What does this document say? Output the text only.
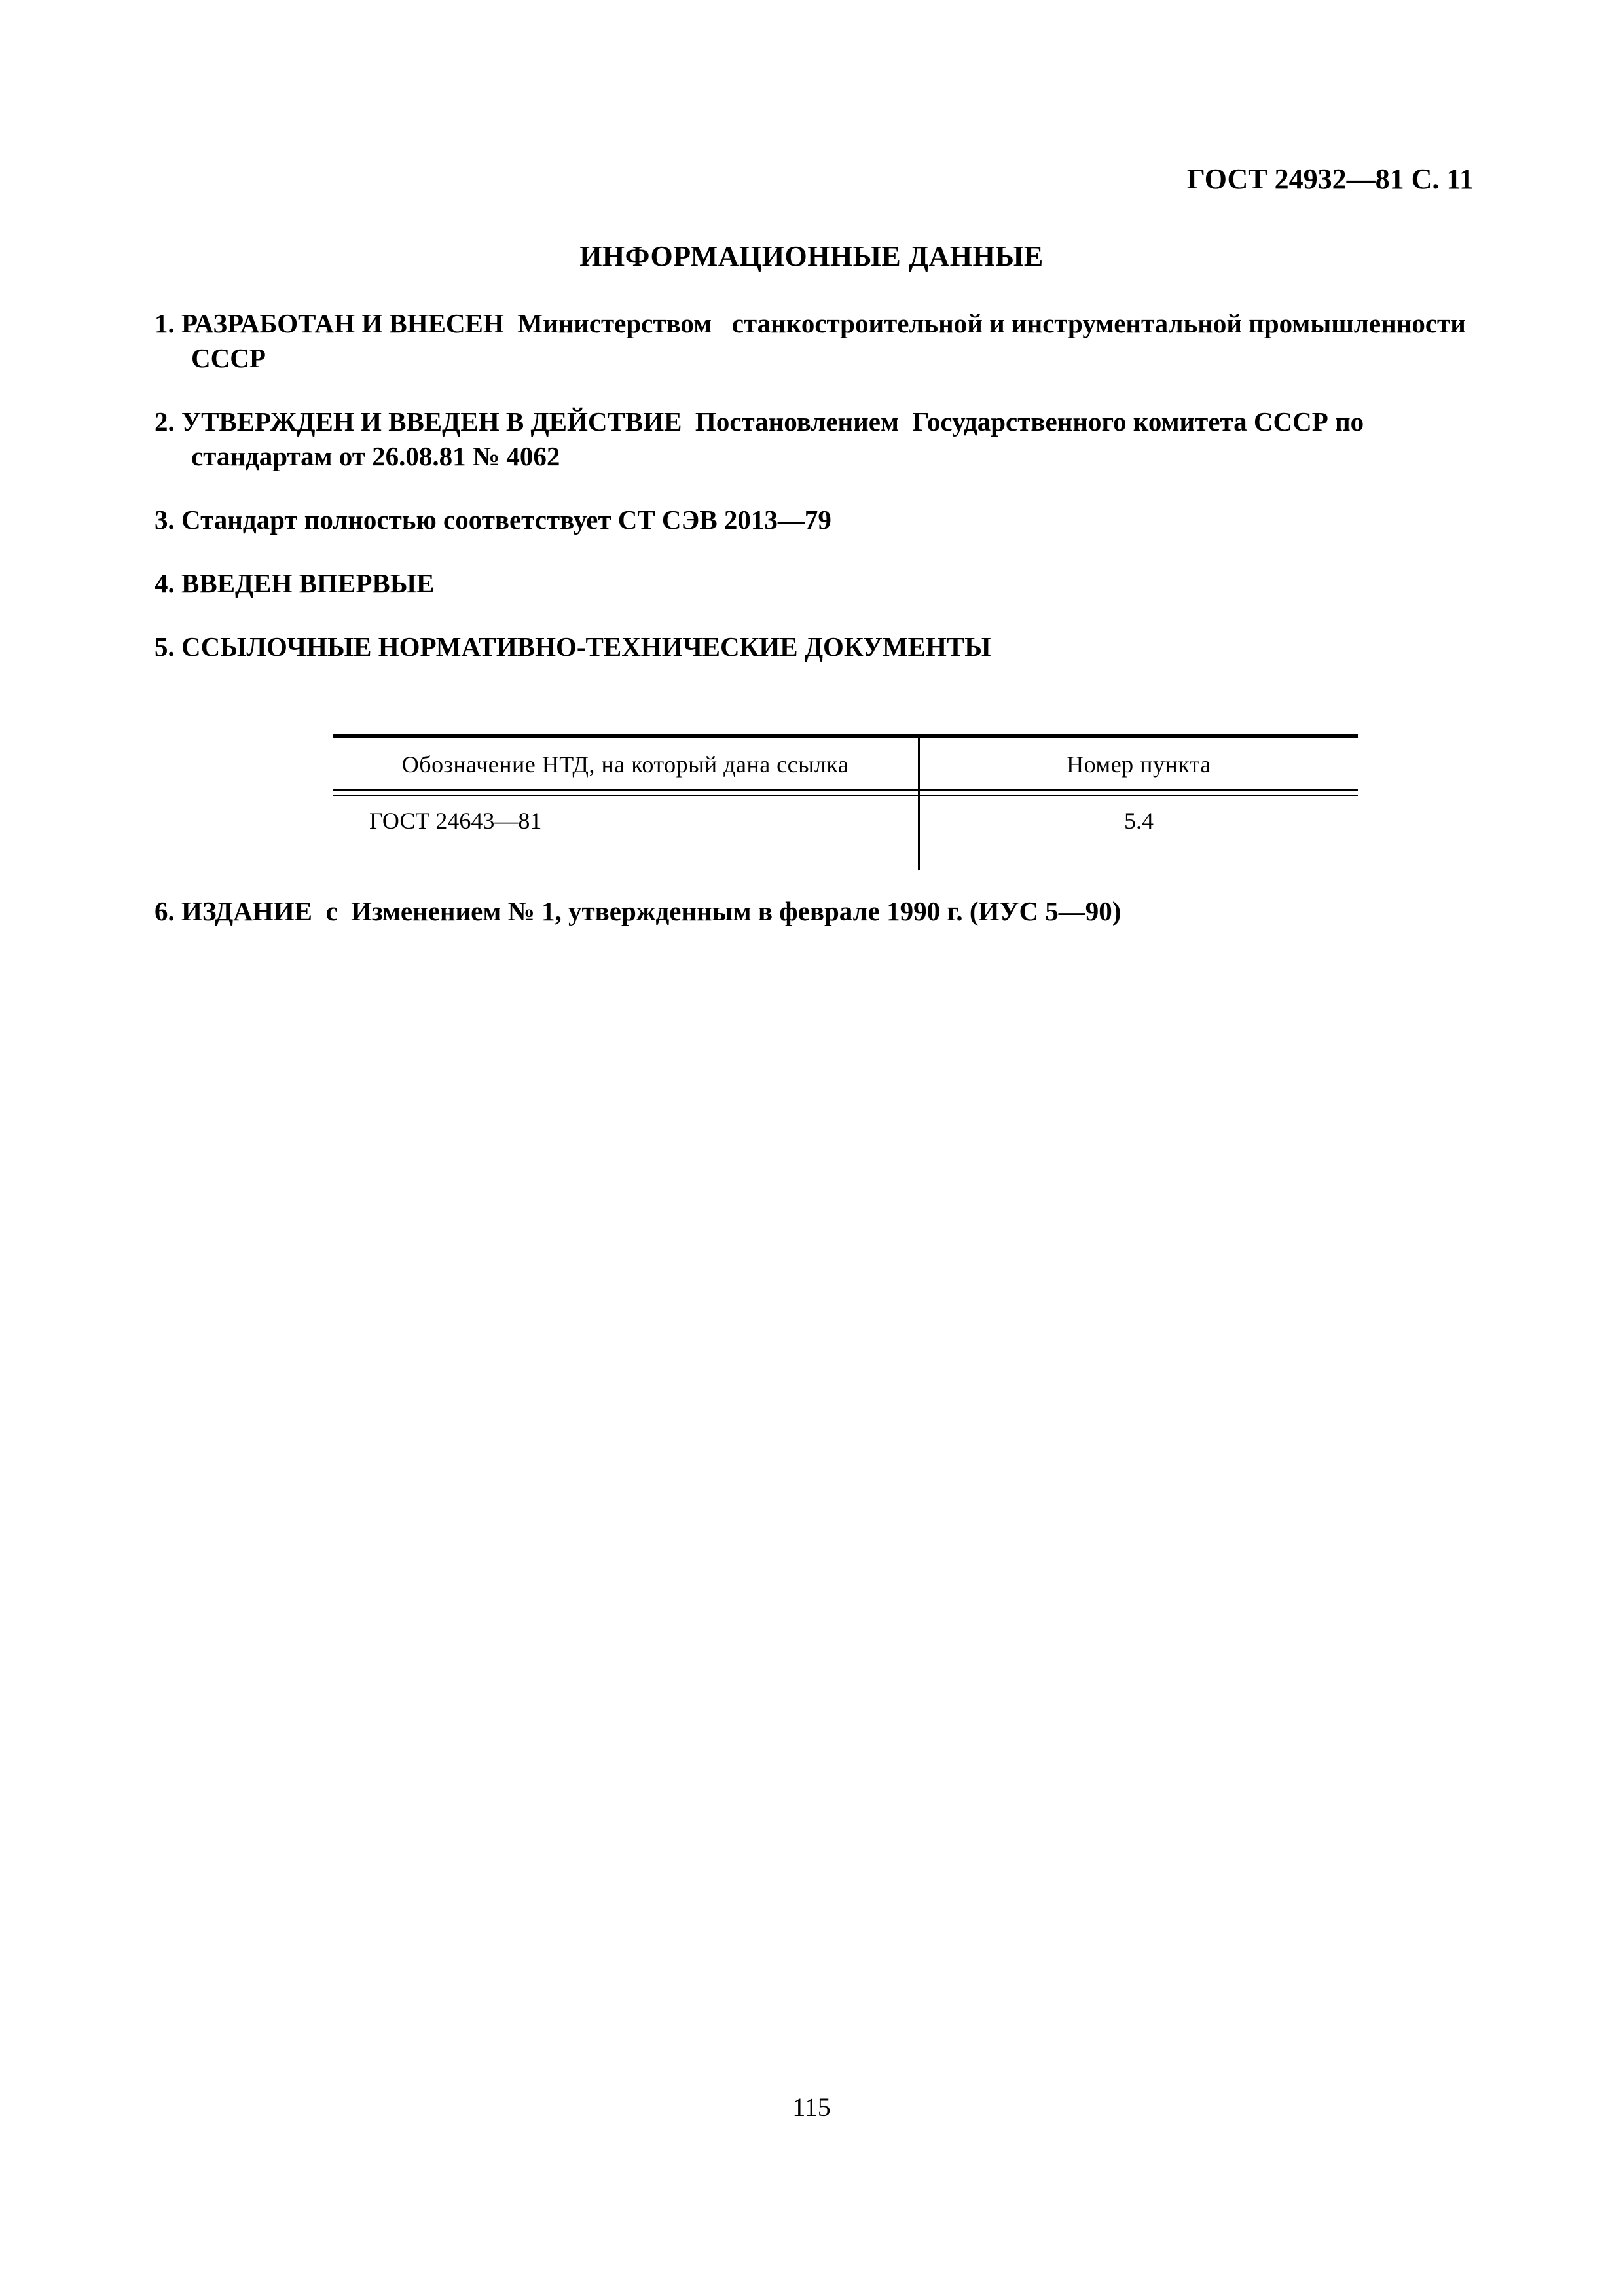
ГОСТ 24932—81 С. 11
ИНФОРМАЦИОННЫЕ ДАННЫЕ
1. РАЗРАБОТАН И ВНЕСЕН  Министерством   станкостроительной и инструментальной промышленности СССР
2. УТВЕРЖДЕН И ВВЕДЕН В ДЕЙСТВИЕ  Постановлением  Государственного комитета СССР по стандартам от 26.08.81 № 4062
3. Стандарт полностью соответствует СТ СЭВ 2013—79
4. ВВЕДЕН ВПЕРВЫЕ
5. ССЫЛОЧНЫЕ НОРМАТИВНО-ТЕХНИЧЕСКИЕ ДОКУМЕНТЫ
Обозначение НТД, на который дана ссылка	Номер пункта
ГОСТ 24643—81	5.4
6. ИЗДАНИЕ  с  Изменением № 1, утвержденным в феврале 1990 г. (ИУС 5—90)
115
